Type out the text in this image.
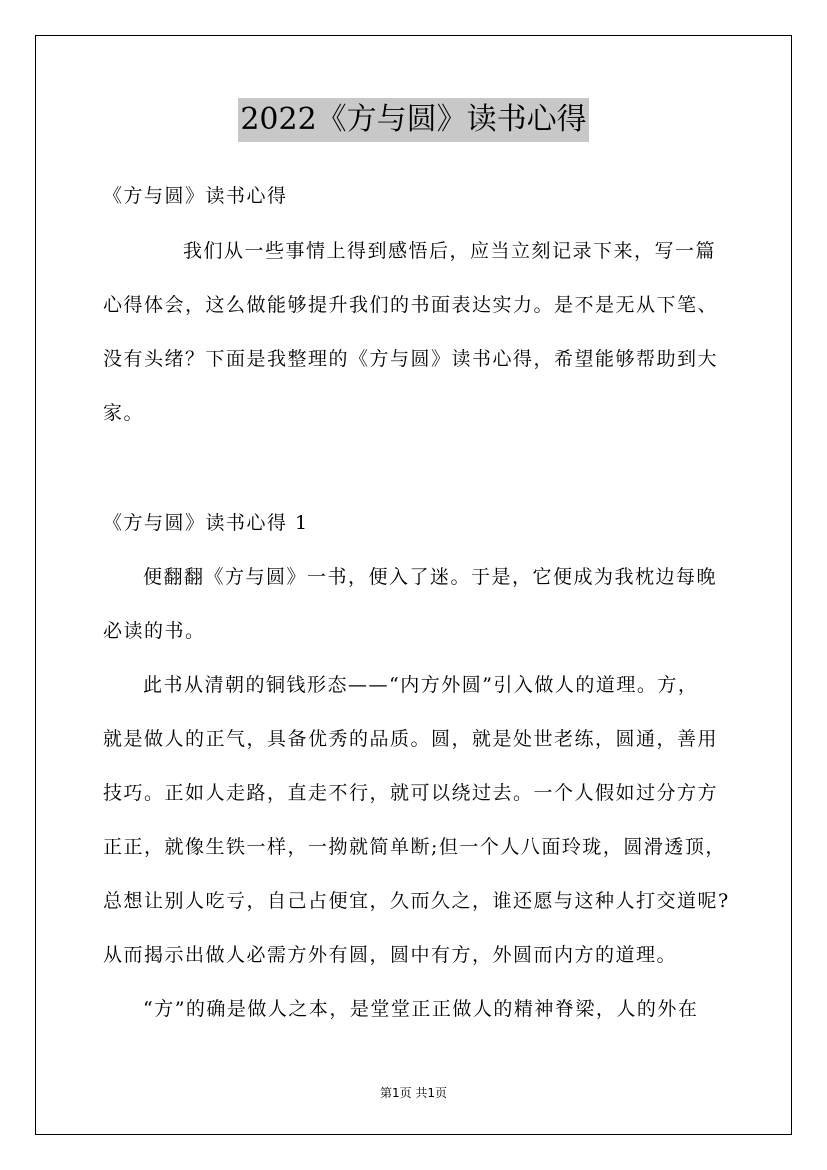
2022《方与圆》读书心得
《方与圆》读书心得
我们从一些事情上得到感悟后，应当立刻记录下来，写一篇
心得体会，这么做能够提升我们的书面表达实力。是不是无从下笔、
没有头绪？下面是我整理的《方与圆》读书心得，希望能够帮助到大
家。
《方与圆》读书心得 1
便翻翻《方与圆》一书，便入了迷。于是，它便成为我枕边每晚
必读的书。
此书从清朝的铜钱形态——“内方外圆”引入做人的道理。方，
就是做人的正气，具备优秀的品质。圆，就是处世老练，圆通，善用
技巧。正如人走路，直走不行，就可以绕过去。一个人假如过分方方
正正，就像生铁一样，一拗就简单断;但一个人八面玲珑，圆滑透顶，
总想让别人吃亏，自己占便宜，久而久之，谁还愿与这种人打交道呢?
从而揭示出做人必需方外有圆，圆中有方，外圆而内方的道理。
“方”的确是做人之本，是堂堂正正做人的精神脊梁，人的外在
第1页 共1页
